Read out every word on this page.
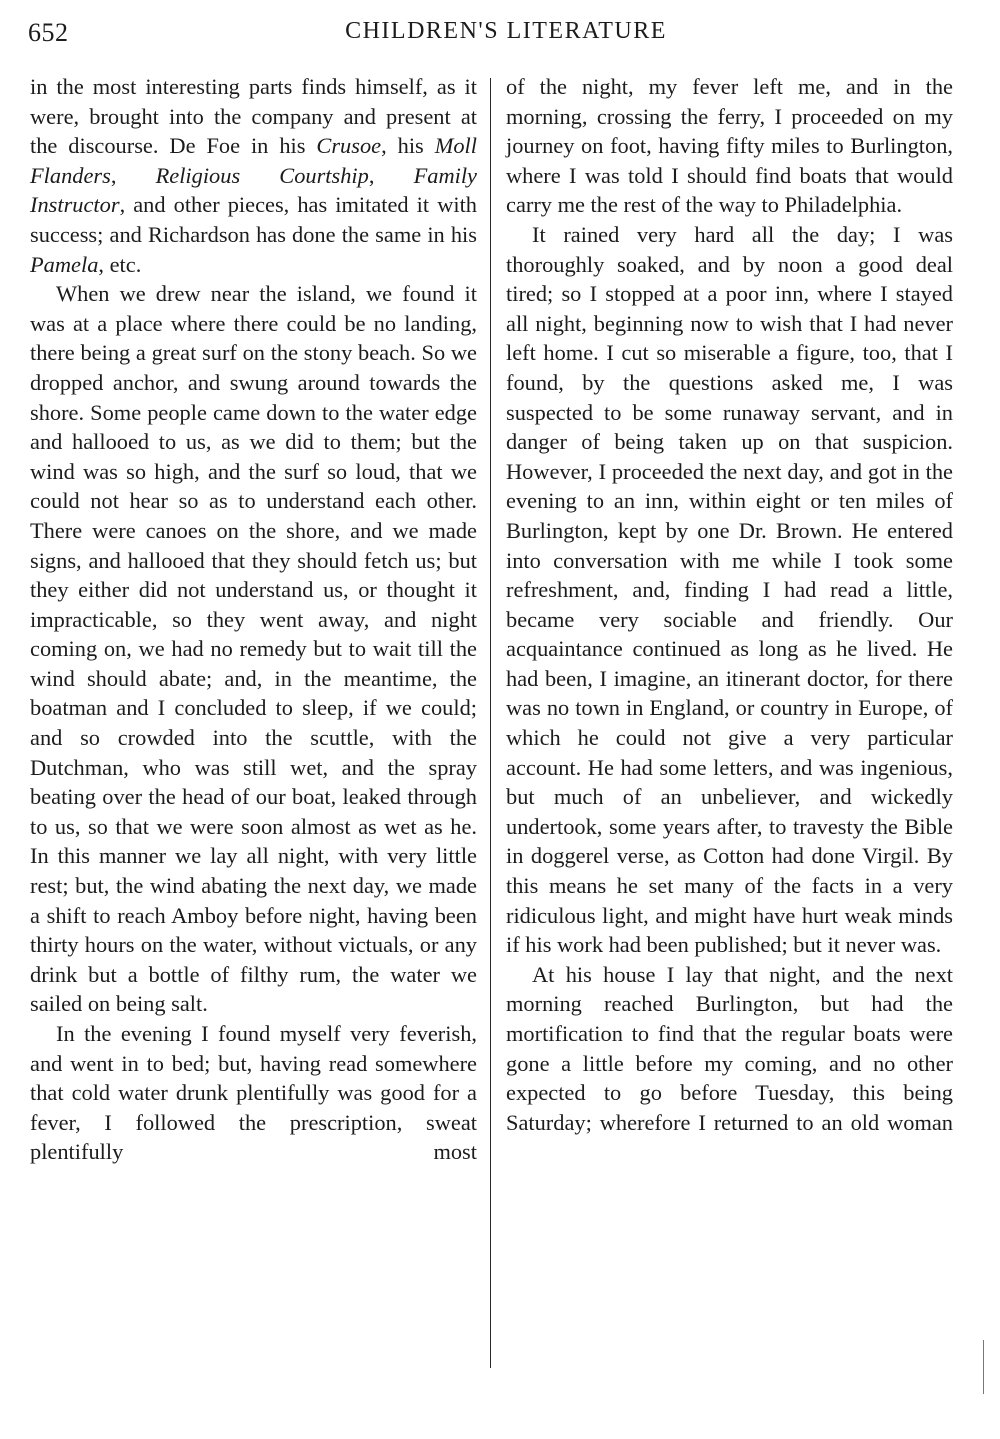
652	CHILDREN'S LITERATURE

in the most interesting parts finds himself, as it were, brought into the company and present at the discourse. De Foe in his Crusoe, his Moll Flanders, Religious Courtship, Family Instructor, and other pieces, has imitated it with success; and Richardson has done the same in his Pamela, etc.

When we drew near the island, we found it was at a place where there could be no landing, there being a great surf on the stony beach. So we dropped anchor, and swung around towards the shore. Some people came down to the water edge and hallooed to us, as we did to them; but the wind was so high, and the surf so loud, that we could not hear so as to understand each other. There were canoes on the shore, and we made signs, and hallooed that they should fetch us; but they either did not understand us, or thought it impracticable, so they went away, and night coming on, we had no remedy but to wait till the wind should abate; and, in the meantime, the boatman and I concluded to sleep, if we could; and so crowded into the scuttle, with the Dutchman, who was still wet, and the spray beating over the head of our boat, leaked through to us, so that we were soon almost as wet as he. In this manner we lay all night, with very little rest; but, the wind abating the next day, we made a shift to reach Amboy before night, having been thirty hours on the water, without victuals, or any drink but a bottle of filthy rum, the water we sailed on being salt.

In the evening I found myself very feverish, and went in to bed; but, having read somewhere that cold water drunk plentifully was good for a fever, I followed the prescription, sweat plentifully most

of the night, my fever left me, and in the morning, crossing the ferry, I proceeded on my journey on foot, having fifty miles to Burlington, where I was told I should find boats that would carry me the rest of the way to Philadelphia.

It rained very hard all the day; I was thoroughly soaked, and by noon a good deal tired; so I stopped at a poor inn, where I stayed all night, beginning now to wish that I had never left home. I cut so miserable a figure, too, that I found, by the questions asked me, I was suspected to be some runaway servant, and in danger of being taken up on that suspicion. However, I proceeded the next day, and got in the evening to an inn, within eight or ten miles of Burlington, kept by one Dr. Brown. He entered into conversation with me while I took some refreshment, and, finding I had read a little, became very sociable and friendly. Our acquaintance continued as long as he lived. He had been, I imagine, an itinerant doctor, for there was no town in England, or country in Europe, of which he could not give a very particular account. He had some letters, and was ingenious, but much of an unbeliever, and wickedly undertook, some years after, to travesty the Bible in doggerel verse, as Cotton had done Virgil. By this means he set many of the facts in a very ridiculous light, and might have hurt weak minds if his work had been published; but it never was.

At his house I lay that night, and the next morning reached Burlington, but had the mortification to find that the regular boats were gone a little before my coming, and no other expected to go before Tuesday, this being Saturday; wherefore I returned to an old woman
